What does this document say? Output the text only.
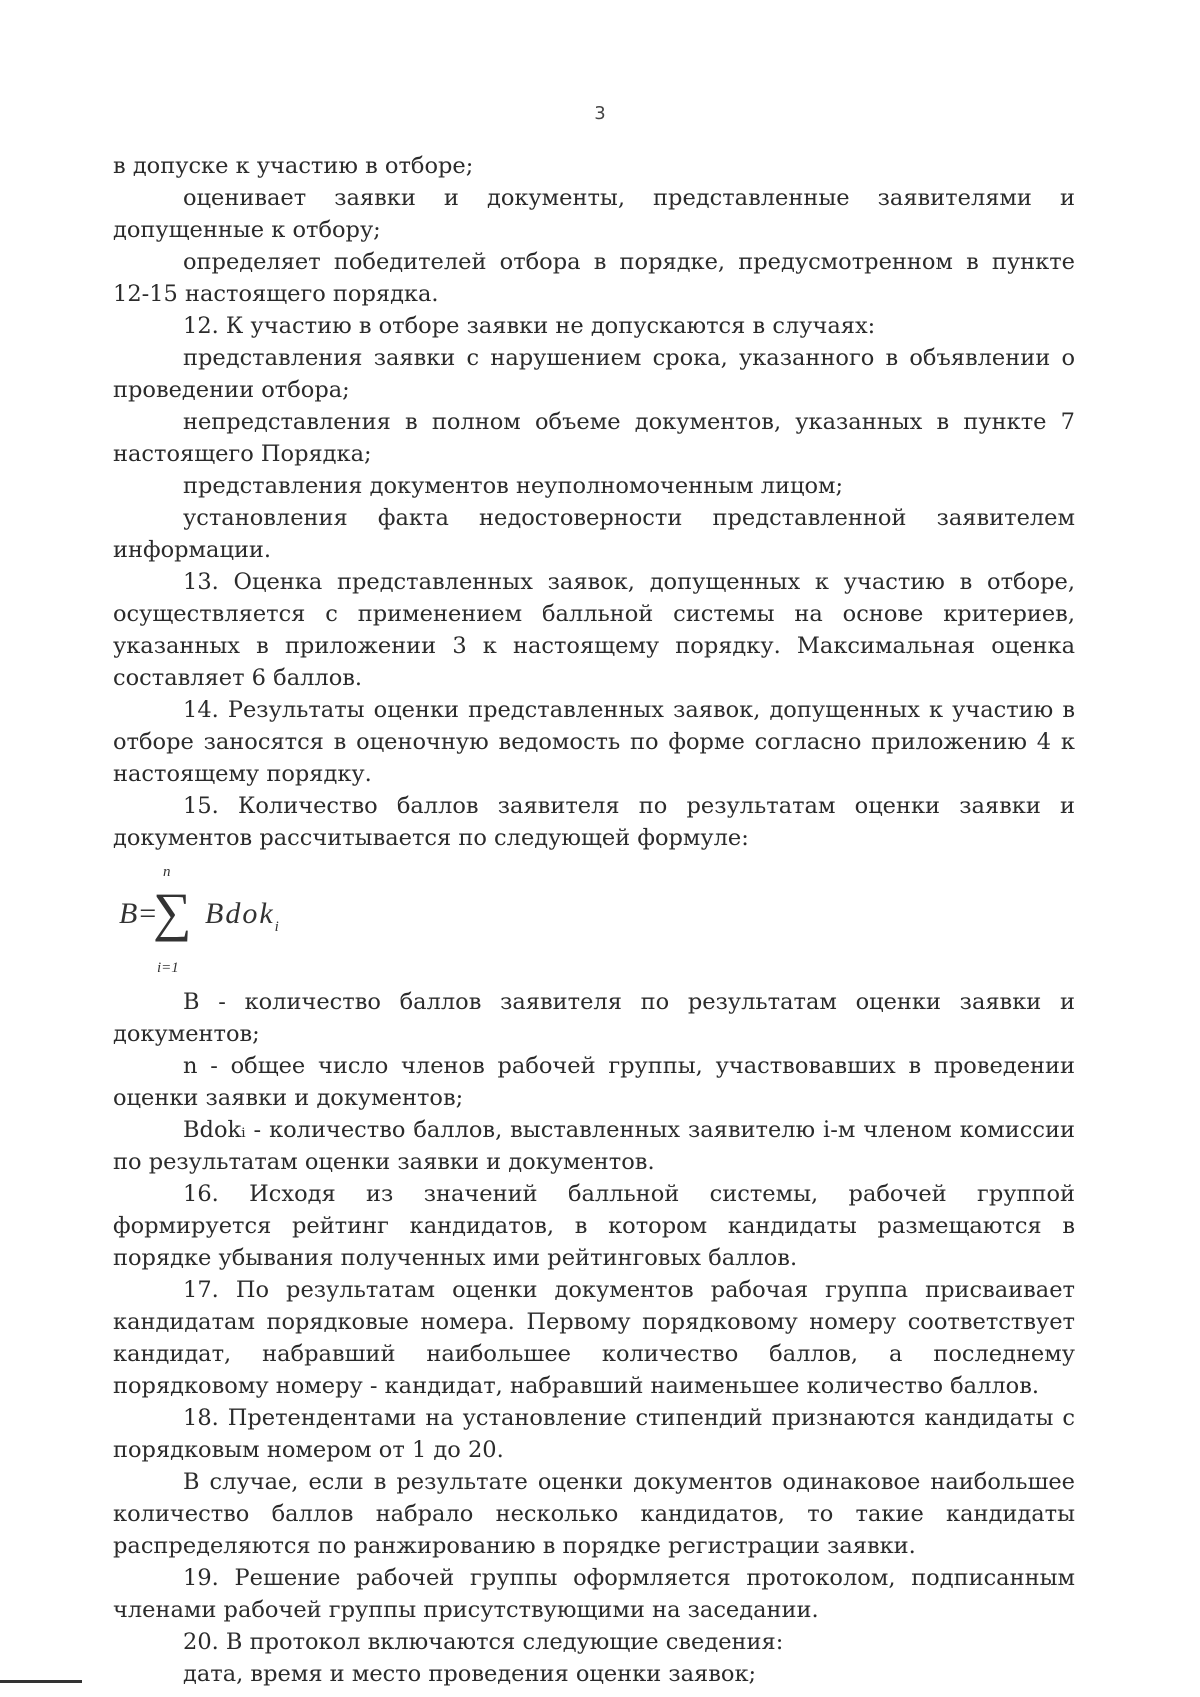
3

в допуске к участию в отборе;

оценивает заявки и документы, представленные заявителями и допущенные к отбору;

определяет победителей отбора в порядке, предусмотренном в пункте 12-15 настоящего порядка.

12. К участию в отборе заявки не допускаются в случаях:

представления заявки с нарушением срока, указанного в объявлении о проведении отбора;

непредставления в полном объеме документов, указанных в пункте 7 настоящего Порядка;

представления документов неуполномоченным лицом;

установления факта недостоверности представленной заявителем информации.

13. Оценка представленных заявок, допущенных к участию в отборе, осуществляется с применением балльной системы на основе критериев, указанных в приложении 3 к настоящему порядку. Максимальная оценка составляет 6 баллов.

14. Результаты оценки представленных заявок, допущенных к участию в отборе заносятся в оценочную ведомость по форме согласно приложению 4 к настоящему порядку.

15. Количество баллов заявителя по результатам оценки заявки и документов рассчитывается по следующей формуле:

B=
n
∑
i=1
Bdok$_i$

B - количество баллов заявителя по результатам оценки заявки и документов;

n - общее число членов рабочей группы, участвовавших в проведении оценки заявки и документов;

Bdokᵢ - количество баллов, выставленных заявителю i-м членом комиссии по результатам оценки заявки и документов.

16. Исходя из значений балльной системы, рабочей группой формируется рейтинг кандидатов, в котором кандидаты размещаются в порядке убывания полученных ими рейтинговых баллов.

17. По результатам оценки документов рабочая группа присваивает кандидатам порядковые номера. Первому порядковому номеру соответствует кандидат, набравший наибольшее количество баллов, а последнему порядковому номеру - кандидат, набравший наименьшее количество баллов.

18. Претендентами на установление стипендий признаются кандидаты с порядковым номером от 1 до 20.

В случае, если в результате оценки документов одинаковое наибольшее количество баллов набрало несколько кандидатов, то такие кандидаты распределяются по ранжированию в порядке регистрации заявки.

19. Решение рабочей группы оформляется протоколом, подписанным членами рабочей группы присутствующими на заседании.

20. В протокол включаются следующие сведения:

дата, время и место проведения оценки заявок;
